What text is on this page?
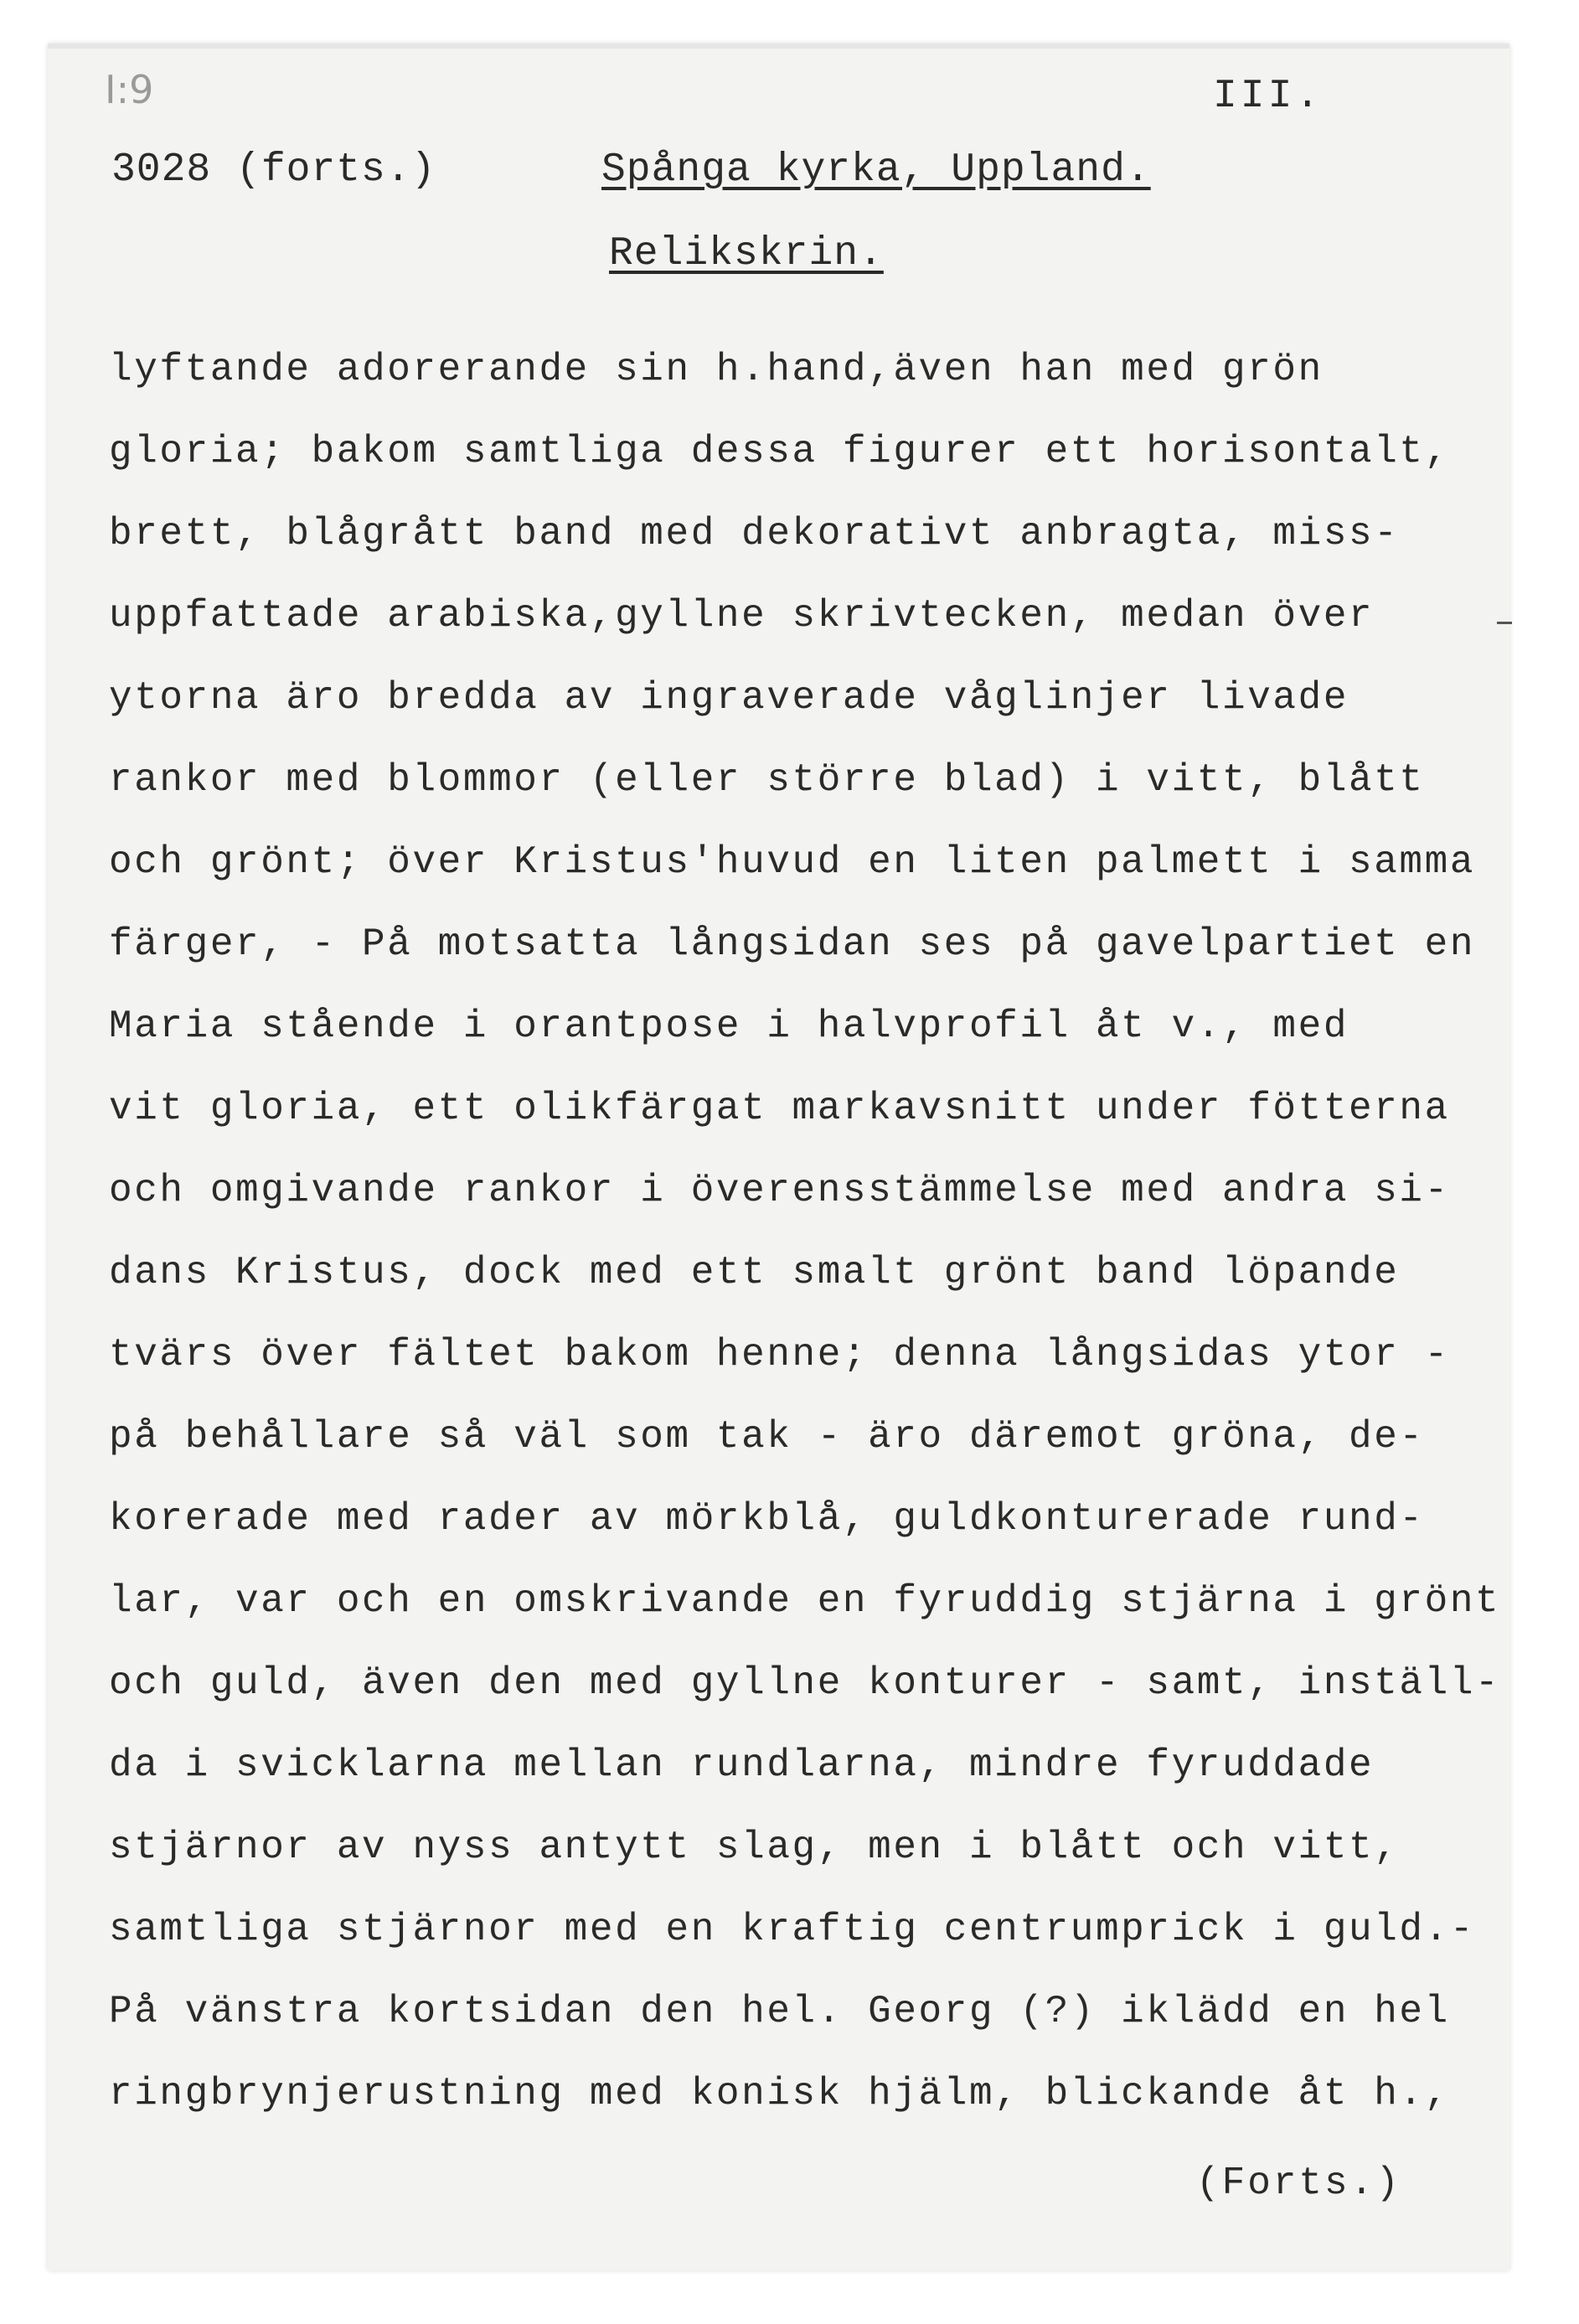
I:9	III.
3028 (forts.)	Spånga kyrka, Uppland.
Relikskrin.
lyftande adorerande sin h.hand,även han med grön
gloria; bakom samtliga dessa figurer ett horisontalt,
brett, blågrått band med dekorativt anbragta, miss-
uppfattade arabiska,gyllne skrivtecken, medan över
ytorna äro bredda av ingraverade våglinjer livade
rankor med blommor (eller större blad) i vitt, blått
och grönt; över Kristus'huvud en liten palmett i samma
färger, - På motsatta långsidan ses på gavelpartiet en
Maria stående i orantpose i halvprofil åt v., med
vit gloria, ett olikfärgat markavsnitt under fötterna
och omgivande rankor i överensstämmelse med andra si-
dans Kristus, dock med ett smalt grönt band löpande
tvärs över fältet bakom henne; denna långsidas ytor -
på behållare så väl som tak - äro däremot gröna, de-
korerade med rader av mörkblå, guldkonturerade rund-
lar, var och en omskrivande en fyruddig stjärna i grönt
och guld, även den med gyllne konturer - samt, inställ-
da i svicklarna mellan rundlarna, mindre fyruddade
stjärnor av nyss antytt slag, men i blått och vitt,
samtliga stjärnor med en kraftig centrumprick i guld.-
På vänstra kortsidan den hel. Georg (?) iklädd en hel
ringbrynjerustning med konisk hjälm, blickande åt h.,
(Forts.)
